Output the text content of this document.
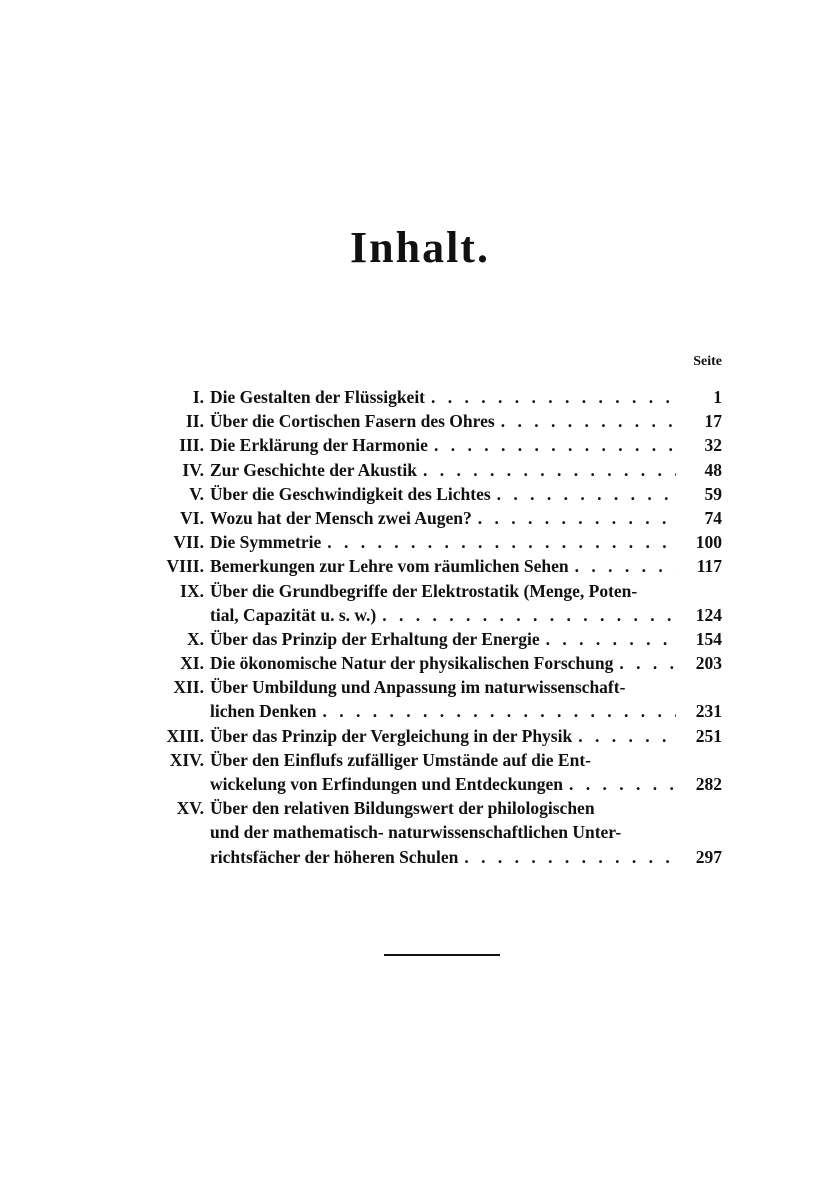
Inhalt.
Seite
I. Die Gestalten der Flüssigkeit . . .	1
II. Über die Cortischen Fasern des Ohres . . .	17
III. Die Erklärung der Harmonie . . .	32
IV. Zur Geschichte der Akustik . . .	48
V. Über die Geschwindigkeit des Lichtes . . .	59
VI. Wozu hat der Mensch zwei Augen? . . .	74
VII. Die Symmetrie . . .	100
VIII. Bemerkungen zur Lehre vom räumlichen Sehen . . .	117
IX. Über die Grundbegriffe der Elektrostatik (Menge, Poten-
tial, Capazität u. s. w.) . . .	124
X. Über das Prinzip der Erhaltung der Energie . . .	154
XI. Die ökonomische Natur der physikalischen Forschung . . .	203
XII. Über Umbildung und Anpassung im naturwissenschaft-
lichen Denken . . .	231
XIII. Über das Prinzip der Vergleichung in der Physik . . .	251
XIV. Über den Einflufs zufälliger Umstände auf die Ent-
wickelung von Erfindungen und Entdeckungen . . .	282
XV. Über den relativen Bildungswert der philologischen
und der mathematisch- naturwissenschaftlichen Unter-
richtsfächer der höheren Schulen . . .	297
